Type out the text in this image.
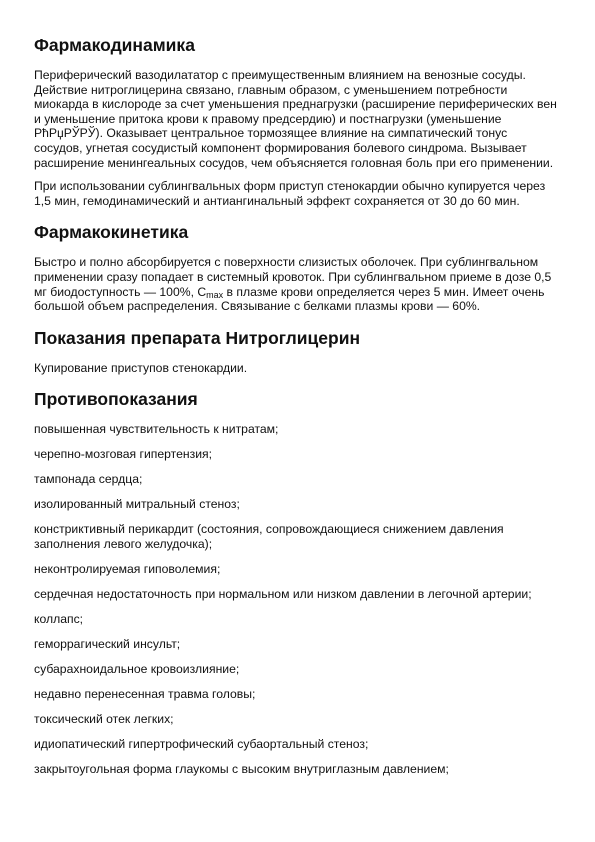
Фармакодинамика

Периферический вазодилататор с преимущественным влиянием на венозные сосуды. Действие нитроглицерина связано, главным образом, с уменьшением потребности миокарда в кислороде за счет уменьшения преднагрузки (расширение периферических вен и уменьшение притока крови к правому предсердию) и постнагрузки (уменьшение РћРџРЎРЎ). Оказывает центральное тормозящее влияние на симпатический тонус сосудов, угнетая сосудистый компонент формирования болевого синдрома. Вызывает расширение менингеальных сосудов, чем объясняется головная боль при его применении.

При использовании сублингвальных форм приступ стенокардии обычно купируется через 1,5 мин, гемодинамический и антиангинальный эффект сохраняется от 30 до 60 мин.

Фармакокинетика

Быстро и полно абсорбируется с поверхности слизистых оболочек. При сублингвальном применении сразу попадает в системный кровоток. При сублингвальном приеме в дозе 0,5 мг биодоступность — 100%, $C_{max}$ в плазме крови определяется через 5 мин. Имеет очень большой объем распределения. Связывание с белками плазмы крови — 60%.

Показания препарата Нитроглицерин

Купирование приступов стенокардии.

Противопоказания

повышенная чувствительность к нитратам;

черепно-мозговая гипертензия;

тампонада сердца;

изолированный митральный стеноз;

констриктивный перикардит (состояния, сопровождающиеся снижением давления заполнения левого желудочка);

неконтролируемая гиповолемия;

сердечная недостаточность при нормальном или низком давлении в легочной артерии;

коллапс;

геморрагический инсульт;

субарахноидальное кровоизлияние;

недавно перенесенная травма головы;

токсический отек легких;

идиопатический гипертрофический субаортальный стеноз;

закрытоугольная форма глаукомы с высоким внутриглазным давлением;
